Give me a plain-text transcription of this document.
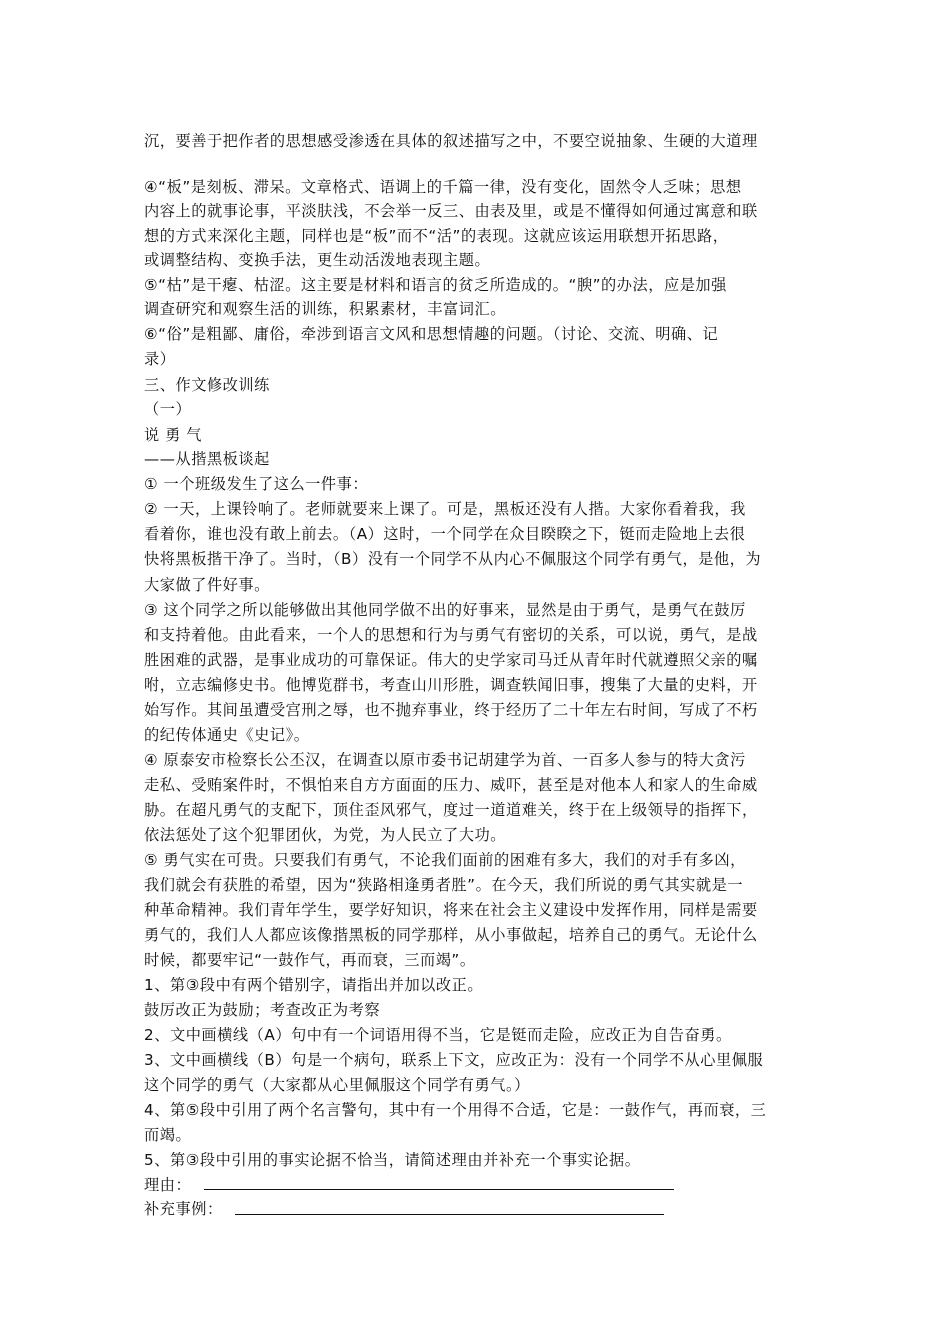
沉，要善于把作者的思想感受渗透在具体的叙述描写之中，不要空说抽象、生硬的大道理
④“板”是刻板、滞呆。文章格式、语调上的千篇一律，没有变化，固然令人乏味；思想
内容上的就事论事，平淡肤浅，不会举一反三、由表及里，或是不懂得如何通过寓意和联
想的方式来深化主题，同样也是“板”而不“活”的表现。这就应该运用联想开拓思路，
或调整结构、变换手法，更生动活泼地表现主题。
⑤“枯”是干瘪、枯涩。这主要是材料和语言的贫乏所造成的。“腴”的办法，应是加强
调查研究和观察生活的训练，积累素材，丰富词汇。
⑥“俗”是粗鄙、庸俗，牵涉到语言文风和思想情趣的问题。（讨论、交流、明确、记
录）
三、作文修改训练
（一）
说 勇 气
——从揩黑板谈起
① 一个班级发生了这么一件事：
② 一天，上课铃响了。老师就要来上课了。可是，黑板还没有人揩。大家你看着我，我
看着你，谁也没有敢上前去。（A）这时，一个同学在众目睽睽之下，铤而走险地上去很
快将黑板揩干净了。当时，（B）没有一个同学不从内心不佩服这个同学有勇气，是他，为
大家做了件好事。
③ 这个同学之所以能够做出其他同学做不出的好事来，显然是由于勇气，是勇气在鼓厉
和支持着他。由此看来，一个人的思想和行为与勇气有密切的关系，可以说，勇气，是战
胜困难的武器，是事业成功的可靠保证。伟大的史学家司马迁从青年时代就遵照父亲的嘱
咐，立志编修史书。他博览群书，考查山川形胜，调查轶闻旧事，搜集了大量的史料，开
始写作。其间虽遭受宫刑之辱，也不抛弃事业，终于经历了二十年左右时间，写成了不朽
的纪传体通史《史记》。
④ 原泰安市检察长公丕汉，在调查以原市委书记胡建学为首、一百多人参与的特大贪污
走私、受贿案件时，不惧怕来自方方面面的压力、威吓，甚至是对他本人和家人的生命威
胁。在超凡勇气的支配下，顶住歪风邪气，度过一道道难关，终于在上级领导的指挥下，
依法惩处了这个犯罪团伙，为党，为人民立了大功。
⑤ 勇气实在可贵。只要我们有勇气，不论我们面前的困难有多大，我们的对手有多凶，
我们就会有获胜的希望，因为“狭路相逢勇者胜”。在今天，我们所说的勇气其实就是一
种革命精神。我们青年学生，要学好知识，将来在社会主义建设中发挥作用，同样是需要
勇气的，我们人人都应该像揩黑板的同学那样，从小事做起，培养自己的勇气。无论什么
时候，都要牢记“一鼓作气，再而衰，三而竭”。
1、第③段中有两个错别字，请指出并加以改正。
鼓厉改正为鼓励；考查改正为考察
2、文中画横线（A）句中有一个词语用得不当，它是铤而走险，应改正为自告奋勇。
3、文中画横线（B）句是一个病句，联系上下文，应改正为：没有一个同学不从心里佩服
这个同学的勇气（大家都从心里佩服这个同学有勇气。）
4、第⑤段中引用了两个名言警句，其中有一个用得不合适，它是：一鼓作气，再而衰，三
而竭。
5、第③段中引用的事实论据不恰当，请简述理由并补充一个事实论据。
理由：
补充事例：
